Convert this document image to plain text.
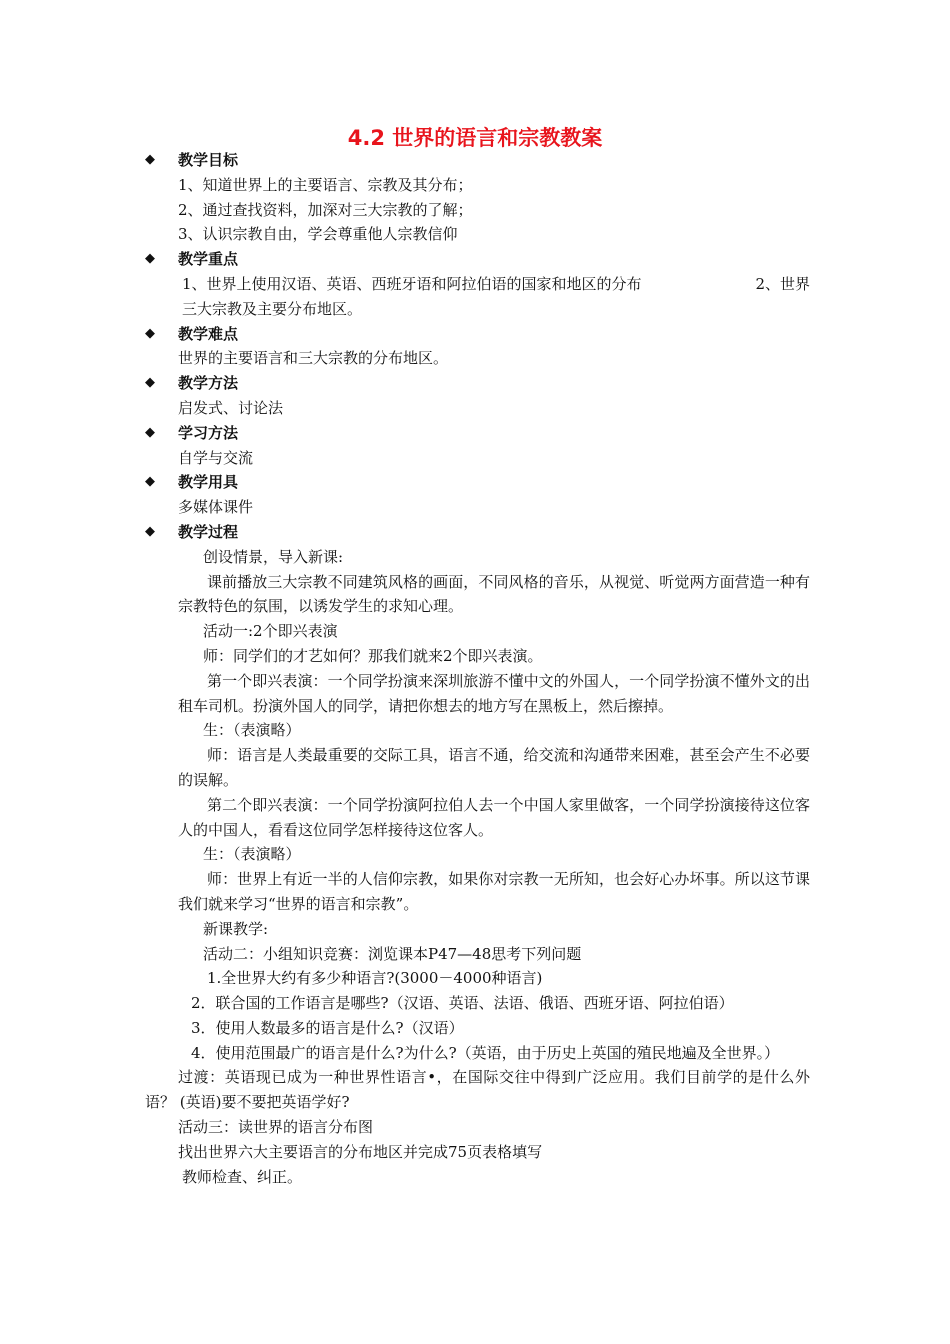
4.2 世界的语言和宗教教案
◆	教学目标

1、知道世界上的主要语言、宗教及其分布；

2、通过查找资料，加深对三大宗教的了解；

3、认识宗教自由，学会尊重他人宗教信仰

◆	教学重点
1、世界上使用汉语、英语、西班牙语和阿拉伯语的国家和地区的分布	2、世界

三大宗教及主要分布地区。

◆	教学难点

世界的主要语言和三大宗教的分布地区。

◆	教学方法

启发式、讨论法

◆	学习方法

自学与交流

◆	教学用具

多媒体课件

◆	教学过程

创设情景，导入新课:

课前播放三大宗教不同建筑风格的画面，不同风格的音乐，从视觉、听觉两方面营造一种有宗教特色的氛围，以诱发学生的求知心理。

活动一:2个即兴表演

师：同学们的才艺如何？那我们就来2个即兴表演。

第一个即兴表演：一个同学扮演来深圳旅游不懂中文的外国人，一个同学扮演不懂外文的出租车司机。扮演外国人的同学，请把你想去的地方写在黑板上，然后擦掉。

生：（表演略）

师：语言是人类最重要的交际工具，语言不通，给交流和沟通带来困难，甚至会产生不必要的误解。

第二个即兴表演：一个同学扮演阿拉伯人去一个中国人家里做客，一个同学扮演接待这位客人的中国人，看看这位同学怎样接待这位客人。

生：（表演略）

师：世界上有近一半的人信仰宗教，如果你对宗教一无所知，也会好心办坏事。所以这节课我们就来学习“世界的语言和宗教”。

新课教学:

活动二：小组知识竞赛：浏览课本P47—48思考下列问题

1.全世界大约有多少种语言?(3000－4000种语言)

2．联合国的工作语言是哪些?（汉语、英语、法语、俄语、西班牙语、阿拉伯语）

3．使用人数最多的语言是什么?（汉语）

4．使用范围最广的语言是什么?为什么?（英语，由于历史上英国的殖民地遍及全世界。）

过渡：英语现已成为一种世界性语言•，在国际交往中得到广泛应用。我们目前学的是什么外语？ (英语)要不要把英语学好?

活动三：读世界的语言分布图

找出世界六大主要语言的分布地区并完成75页表格填写

教师检查、纠正。
